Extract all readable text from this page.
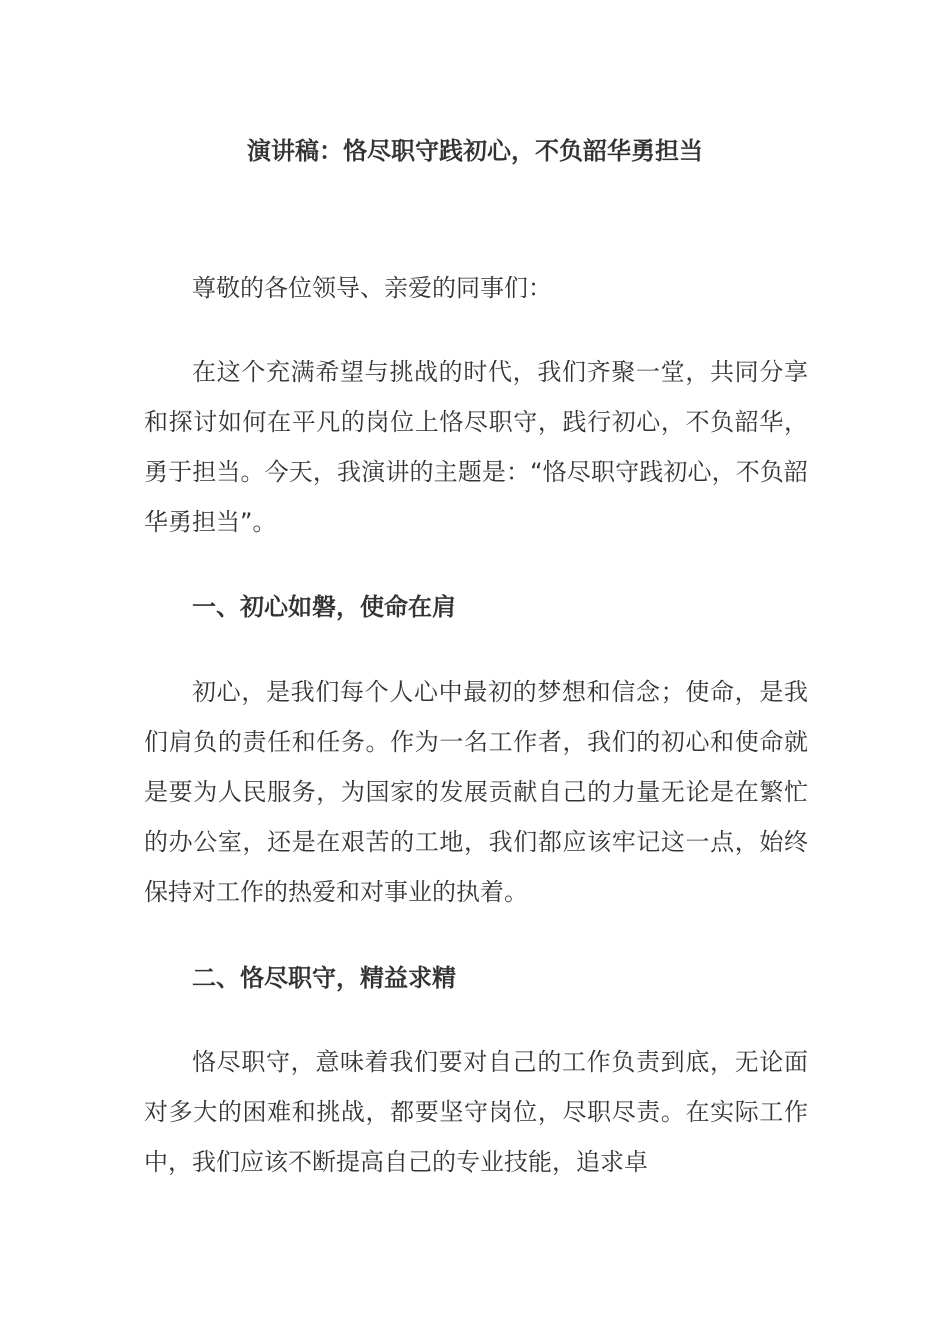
演讲稿：恪尽职守践初心，不负韶华勇担当

尊敬的各位领导、亲爱的同事们：

在这个充满希望与挑战的时代，我们齐聚一堂，共同分享和探讨如何在平凡的岗位上恪尽职守，践行初心，不负韶华，勇于担当。今天，我演讲的主题是：“恪尽职守践初心，不负韶华勇担当”。

一、初心如磐，使命在肩

初心，是我们每个人心中最初的梦想和信念；使命，是我们肩负的责任和任务。作为一名工作者，我们的初心和使命就是要为人民服务，为国家的发展贡献自己的力量无论是在繁忙的办公室，还是在艰苦的工地，我们都应该牢记这一点，始终保持对工作的热爱和对事业的执着。

二、恪尽职守，精益求精

恪尽职守，意味着我们要对自己的工作负责到底，无论面对多大的困难和挑战，都要坚守岗位，尽职尽责。在实际工作中，我们应该不断提高自己的专业技能，追求卓
